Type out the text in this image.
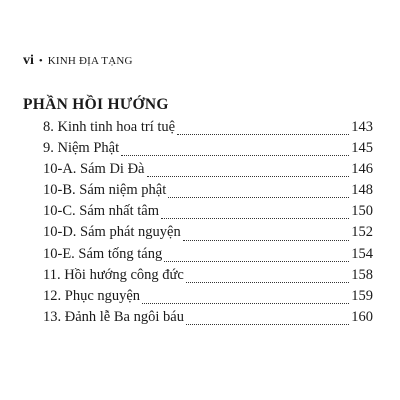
vi • KINH ĐỊA TẠNG
PHẦN HỒI HƯỚNG
8. Kinh tinh hoa trí tuệ	143
9. Niệm Phật	145
10-A. Sám Di Đà	146
10-B. Sám niệm phật	148
10-C. Sám nhất tâm	150
10-D. Sám phát nguyện	152
10-E. Sám tống táng	154
11. Hồi hướng công đức	158
12. Phục nguyện	159
13. Đảnh lễ Ba ngôi báu	160
